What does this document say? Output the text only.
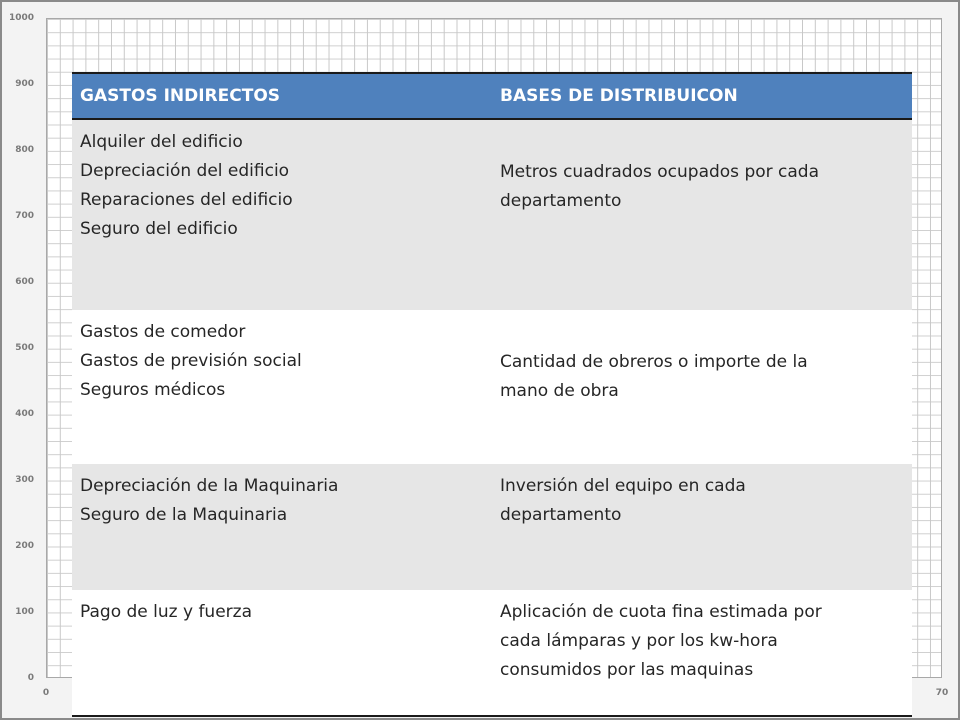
1000
900
800
700
600
500
400
300
200
100
0
0	70
GASTOS INDIRECTOS	BASES DE DISTRIBUICON

Alquiler del edificio
Depreciación del edificio
Reparaciones del edificio
Seguro del edificio	Metros cuadrados ocupados por cada
departamento

Gastos de comedor
Gastos de previsión social
Seguros médicos	Cantidad de obreros o importe de la
mano de obra

Depreciación de la Maquinaria
Seguro de la Maquinaria	Inversión del equipo en cada
departamento

Pago de luz y fuerza	Aplicación de cuota fina estimada por
cada lámparas y por los kw-hora
consumidos por las maquinas
